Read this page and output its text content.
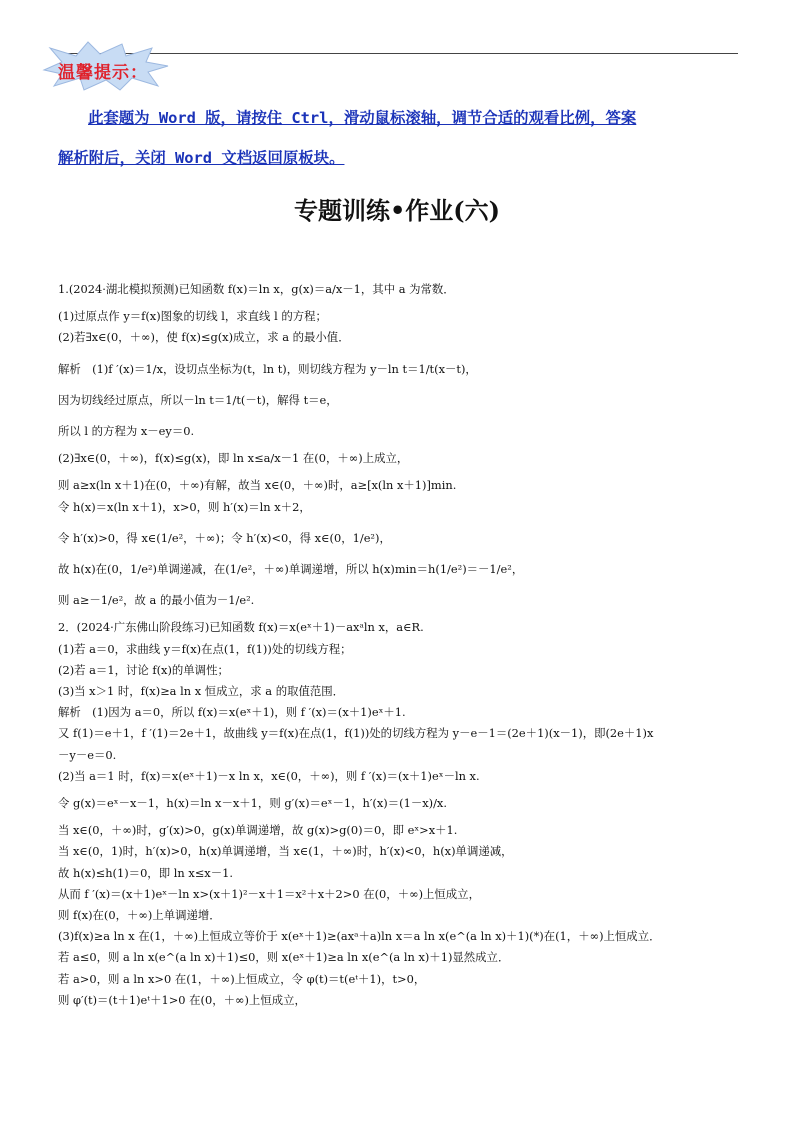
温馨提示：

此套题为 Word 版，请按住 Ctrl，滑动鼠标滚轴，调节合适的观看比例，答案
解析附后，关闭 Word 文档返回原板块。

专题训练•作业(六)

1.(2024·湖北模拟预测)已知函数 f(x)＝ln x，g(x)＝a/x－1，其中 a 为常数．

(1)过原点作 y＝f(x)图象的切线 l，求直线 l 的方程；

(2)若∃x∈(0，＋∞)，使 f(x)≤g(x)成立，求 a 的最小值．

解析　(1)f ′(x)＝1/x，设切点坐标为(t，ln t)，则切线方程为 y－ln t＝1/t(x－t)，

因为切线经过原点，所以－ln t＝1/t(－t)，解得 t＝e，

所以 l 的方程为 x－ey＝0.

(2)∃x∈(0，＋∞)，f(x)≤g(x)，即 ln x≤a/x－1 在(0，＋∞)上成立，

则 a≥x(ln x＋1)在(0，＋∞)有解，故当 x∈(0，＋∞)时，a≥[x(ln x＋1)]min.

令 h(x)＝x(ln x＋1)，x>0，则 h′(x)＝ln x＋2，

令 h′(x)>0，得 x∈(1/e²，＋∞)；令 h′(x)<0，得 x∈(0，1/e²)，

故 h(x)在(0，1/e²)单调递减，在(1/e²，＋∞)单调递增，所以 h(x)min＝h(1/e²)＝－1/e²，

则 a≥－1/e²，故 a 的最小值为－1/e².

2．(2024·广东佛山阶段练习)已知函数 f(x)＝x(eˣ＋1)－axᵃln x，a∈R.

(1)若 a＝0，求曲线 y＝f(x)在点(1，f(1))处的切线方程；

(2)若 a＝1，讨论 f(x)的单调性；

(3)当 x＞1 时，f(x)≥a ln x 恒成立，求 a 的取值范围．

解析　(1)因为 a＝0，所以 f(x)＝x(eˣ＋1)，则 f ′(x)＝(x＋1)eˣ＋1.

又 f(1)＝e＋1，f ′(1)＝2e＋1，故曲线 y＝f(x)在点(1，f(1))处的切线方程为 y－e－1＝(2e＋1)(x－1)，即(2e＋1)x

－y－e＝0.

(2)当 a＝1 时，f(x)＝x(eˣ＋1)－x ln x，x∈(0，＋∞)，则 f ′(x)＝(x＋1)eˣ－ln x.

令 g(x)＝eˣ－x－1，h(x)＝ln x－x＋1，则 g′(x)＝eˣ－1，h′(x)＝(1－x)/x.

当 x∈(0，＋∞)时，g′(x)>0，g(x)单调递增，故 g(x)>g(0)＝0，即 eˣ>x＋1.

当 x∈(0，1)时，h′(x)>0，h(x)单调递增，当 x∈(1，＋∞)时，h′(x)<0，h(x)单调递减，

故 h(x)≤h(1)＝0，即 ln x≤x－1.

从而 f ′(x)＝(x＋1)eˣ－ln x>(x＋1)²－x＋1＝x²＋x＋2>0 在(0，＋∞)上恒成立，

则 f(x)在(0，＋∞)上单调递增．

(3)f(x)≥a ln x 在(1，＋∞)上恒成立等价于 x(eˣ＋1)≥(axᵃ＋a)ln x＝a ln x(e^(a ln x)＋1)(*)在(1，＋∞)上恒成立．

若 a≤0，则 a ln x(e^(a ln x)＋1)≤0，则 x(eˣ＋1)≥a ln x(e^(a ln x)＋1)显然成立．

若 a>0，则 a ln x>0 在(1，＋∞)上恒成立，令 φ(t)＝t(eᵗ＋1)，t>0，

则 φ′(t)＝(t＋1)eᵗ＋1>0 在(0，＋∞)上恒成立，
